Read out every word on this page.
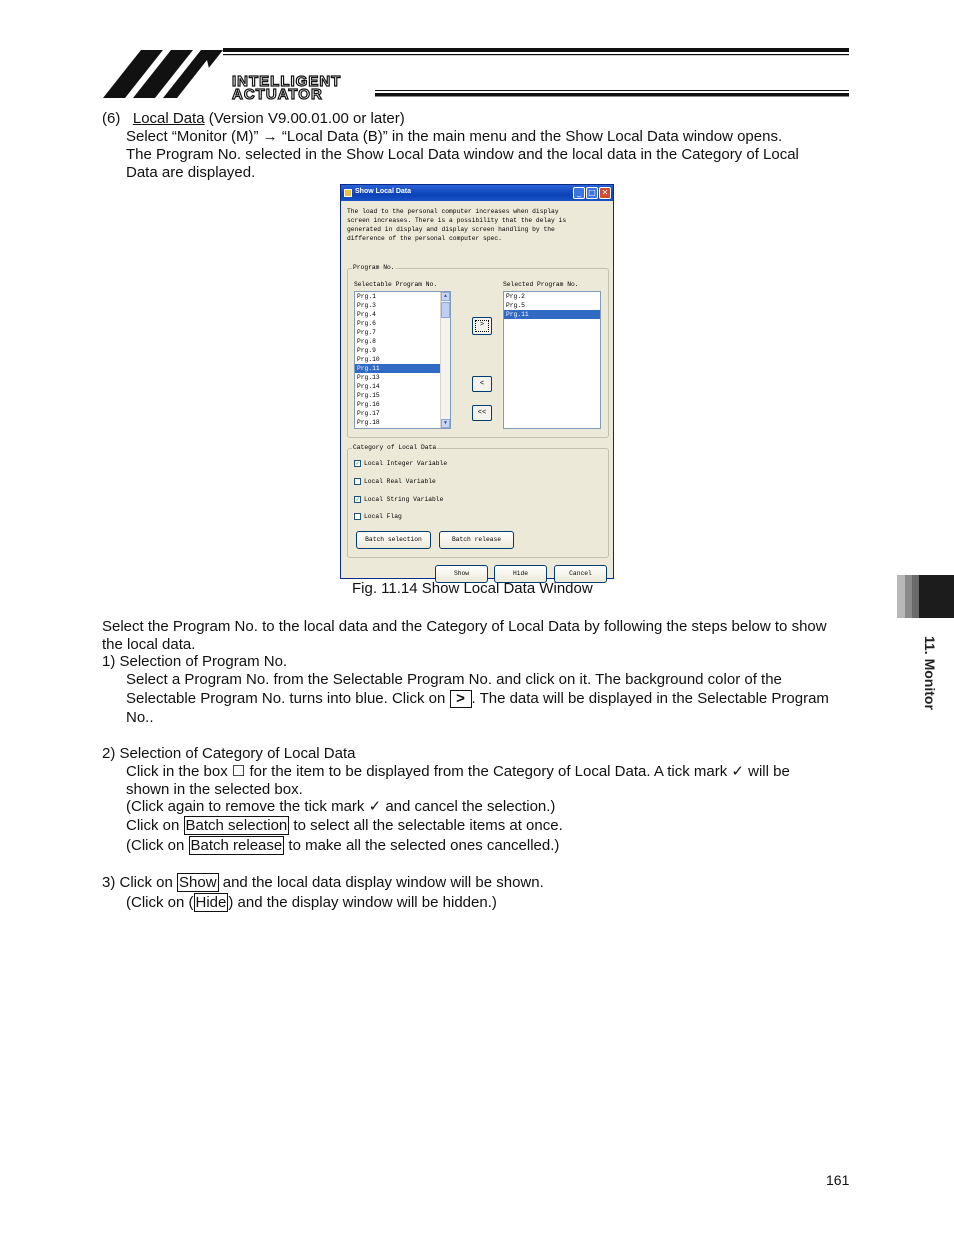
INTELLIGENT
ACTUATOR
(6) Local Data (Version V9.00.01.00 or later)
Select “Monitor (M)” → “Local Data (B)” in the main menu and the Show Local Data window opens.
The Program No. selected in the Show Local Data window and the local data in the Category of Local
Data are displayed.
Show Local Data	_ □ ✕
The load to the personal computer increases when display
screen increases. There is a possibility that the delay is
generated in display and display screen handling by the
difference of the personal computer spec.
Program No.
Selectable Program No.	Selected Program No.
Prg.1
Prg.3
Prg.4
Prg.6
Prg.7
Prg.8
Prg.9
Prg.10
Prg.11
Prg.13
Prg.14
Prg.15
Prg.16
Prg.17
Prg.18
▲
▼
>
<
<<
Prg.2
Prg.5
Prg.11
Category of Local Data
✓ Local Integer Variable
Local Real Variable
✓ Local String Variable
Local Flag
Batch selection	Batch release
Show	Hide	Cancel
Fig. 11.14 Show Local Data Window
Select the Program No. to the local data and the Category of Local Data by following the steps below to show
the local data.
1) Selection of Program No.
Select a Program No. from the Selectable Program No. and click on it. The background color of the
Selectable Program No. turns into blue. Click on > . The data will be displayed in the Selectable Program
No..
2) Selection of Category of Local Data
Click in the box ☐ for the item to be displayed from the Category of Local Data. A tick mark ✓ will be
shown in the selected box.
(Click again to remove the tick mark ✓ and cancel the selection.)
Click on Batch selection to select all the selectable items at once.
(Click on Batch release to make all the selected ones cancelled.)
3) Click on Show and the local data display window will be shown.
(Click on ( Hide ) and the display window will be hidden.)
11. Monitor
161
